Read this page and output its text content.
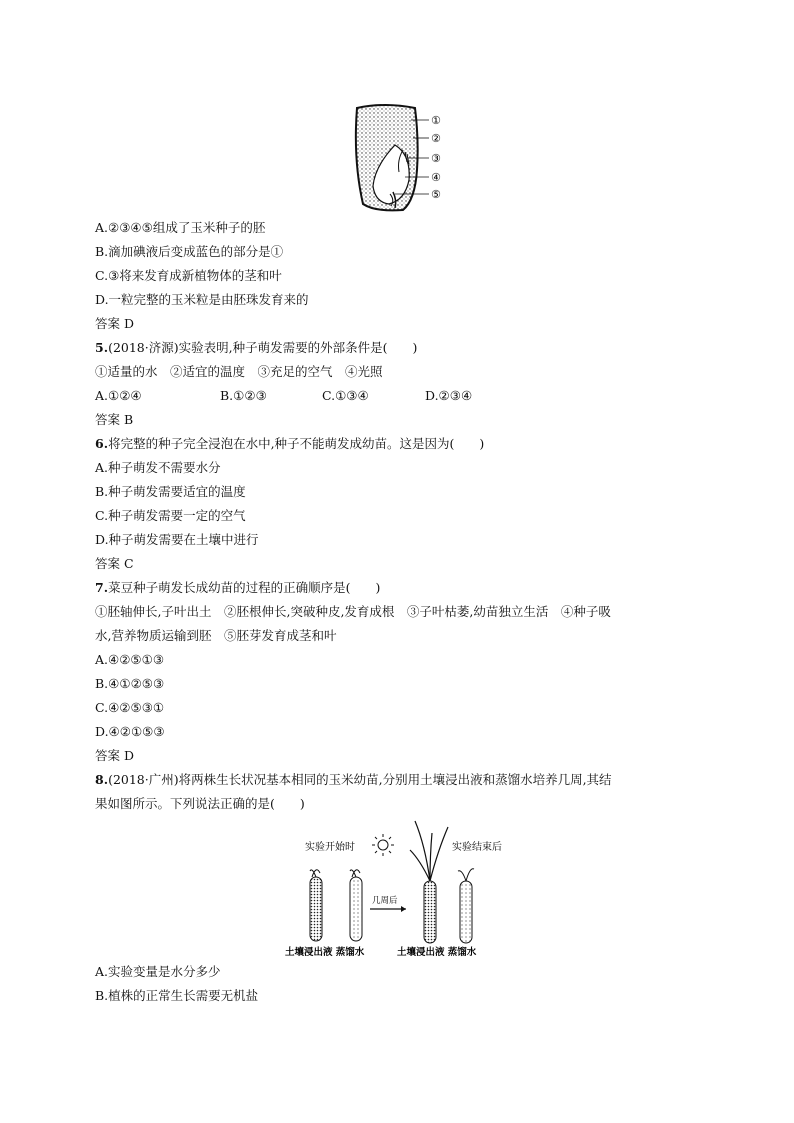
①
②
③
④
⑤
A.②③④⑤组成了玉米种子的胚
B.滴加碘液后变成蓝色的部分是①
C.③将来发育成新植物体的茎和叶
D.一粒完整的玉米粒是由胚珠发育来的
答案 D
5.(2018·济源)实验表明,种子萌发需要的外部条件是(　　)
①适量的水　②适宜的温度　③充足的空气　④光照
A.①②④	B.①②③	C.①③④	D.②③④
答案 B
6.将完整的种子完全浸泡在水中,种子不能萌发成幼苗。这是因为(　　)
A.种子萌发不需要水分
B.种子萌发需要适宜的温度
C.种子萌发需要一定的空气
D.种子萌发需要在土壤中进行
答案 C
7.菜豆种子萌发长成幼苗的过程的正确顺序是(　　)
①胚轴伸长,子叶出土　②胚根伸长,突破种皮,发育成根　③子叶枯萎,幼苗独立生活　④种子吸
水,营养物质运输到胚　⑤胚芽发育成茎和叶
A.④②⑤①③
B.④①②⑤③
C.④②⑤③①
D.④②①⑤③
答案 D
8.(2018·广州)将两株生长状况基本相同的玉米幼苗,分别用土壤浸出液和蒸馏水培养几周,其结
果如图所示。下列说法正确的是(　　)
实验开始时	实验结束后
几周后
土壤浸出液 蒸馏水	土壤浸出液 蒸馏水
A.实验变量是水分多少
B.植株的正常生长需要无机盐
